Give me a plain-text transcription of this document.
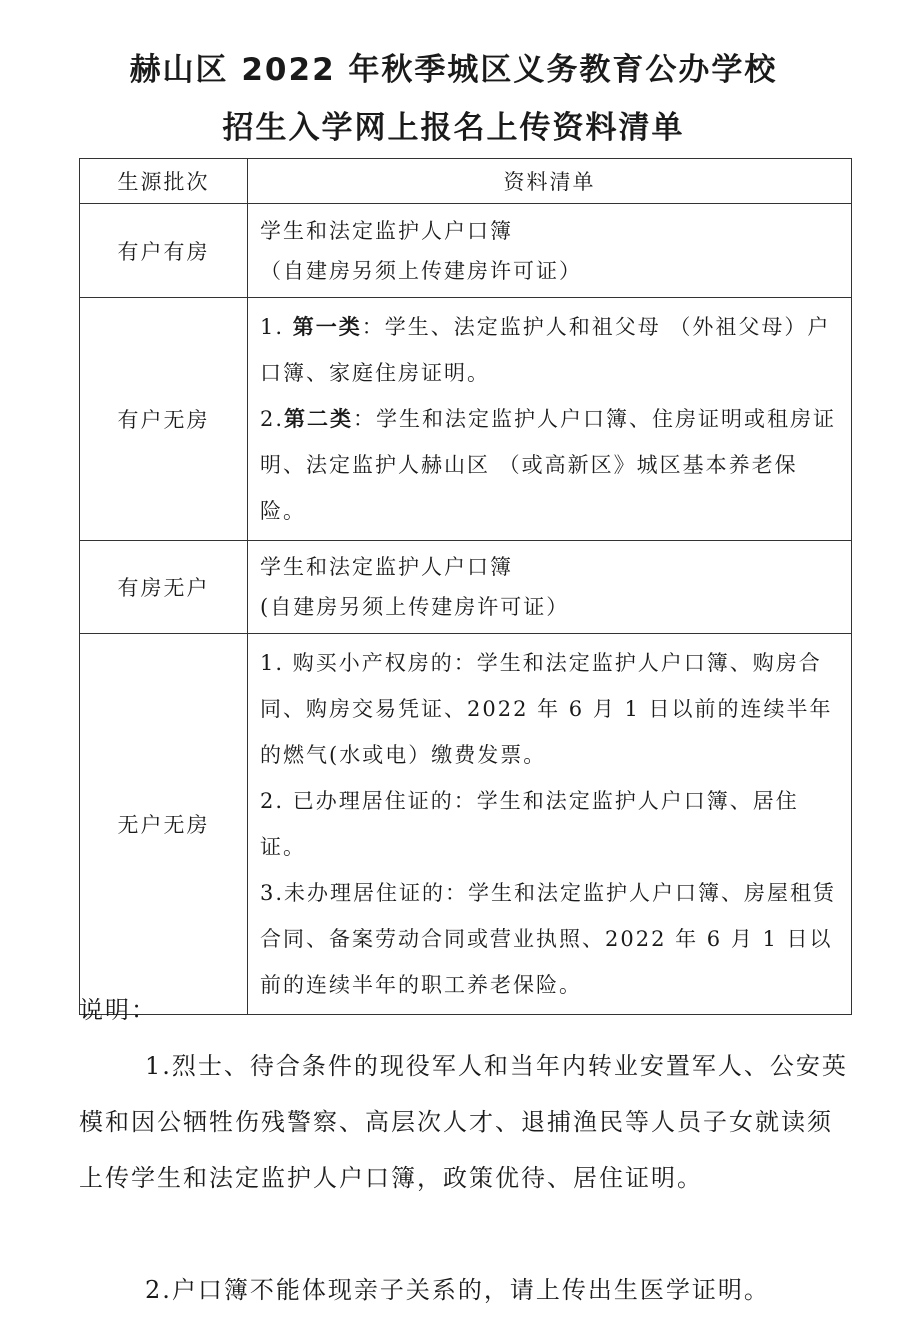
赫山区 2022 年秋季城区义务教育公办学校
招生入学网上报名上传资料清单
生源批次	资料清单
有户有房	学生和法定监护人户口簿

（自建房另须上传建房许可证）

有户无房	1. 第一类：学生、法定监护人和祖父母 （外祖父母）户口簿、家庭住房证明。

2.第二类：学生和法定监护人户口簿、住房证明或租房证明、法定监护人赫山区 （或高新区》城区基本养老保险。

有房无户	学生和法定监护人户口簿

(自建房另须上传建房许可证）

无户无房	1. 购买小产权房的：学生和法定监护人户口簿、购房合同、购房交易凭证、2022 年 6 月 1 日以前的连续半年的燃气(水或电）缴费发票。

2. 已办理居住证的：学生和法定监护人户口簿、居住证。

3.未办理居住证的：学生和法定监护人户口簿、房屋租赁合同、备案劳动合同或营业执照、2022 年 6 月 1 日以前的连续半年的职工养老保险。

说明：

1.烈士、待合条件的现役军人和当年内转业安置军人、公安英模和因公牺牲伤残警察、高层次人才、退捕渔民等人员子女就读须上传学生和法定监护人户口簿，政策优待、居住证明。

2.户口簿不能体现亲子关系的，请上传出生医学证明。
